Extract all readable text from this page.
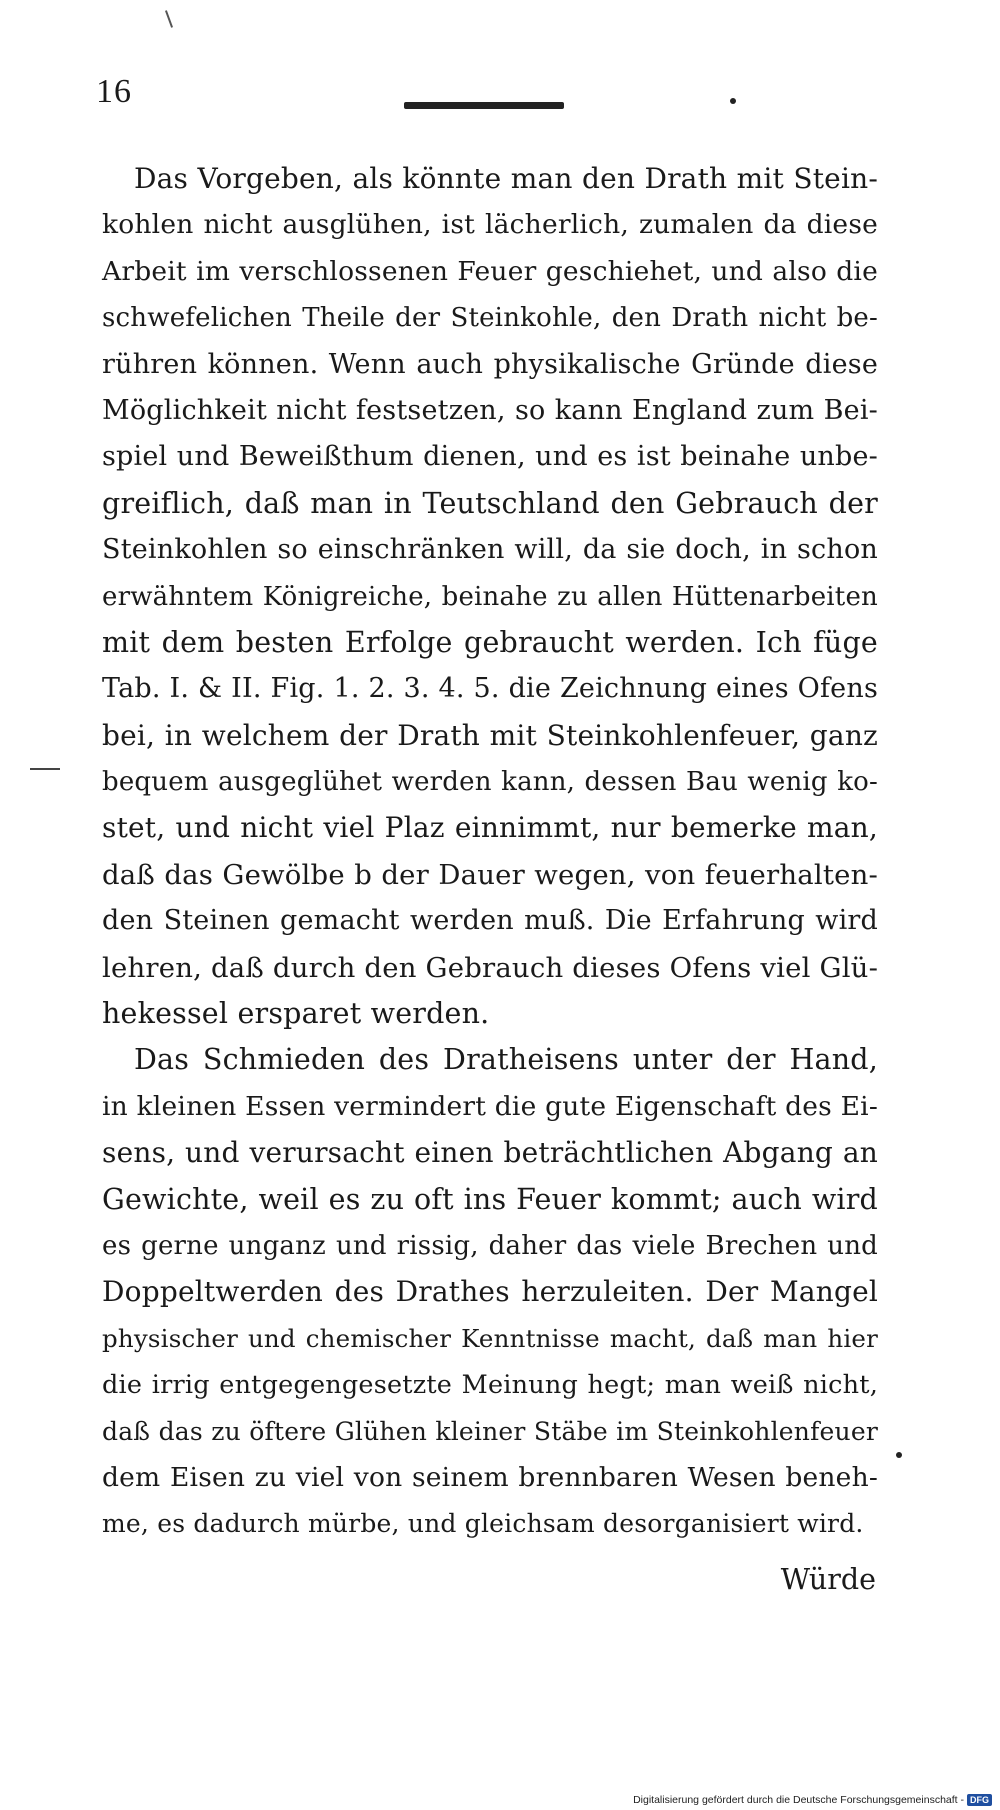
16

Das Vorgeben, als könnte man den Drath mit Stein-
kohlen nicht ausglühen, ist lächerlich, zumalen da diese
Arbeit im verschlossenen Feuer geschiehet, und also die
schwefelichen Theile der Steinkohle, den Drath nicht be-
rühren können. Wenn auch physikalische Gründe diese
Möglichkeit nicht festsetzen, so kann England zum Bei-
spiel und Beweißthum dienen, und es ist beinahe unbe-
greiflich, daß man in Teutschland den Gebrauch der
Steinkohlen so einschränken will, da sie doch, in schon
erwähntem Königreiche, beinahe zu allen Hüttenarbeiten
mit dem besten Erfolge gebraucht werden. Ich füge
Tab. I. & II. Fig. 1. 2. 3. 4. 5. die Zeichnung eines Ofens
bei, in welchem der Drath mit Steinkohlenfeuer, ganz
bequem ausgeglühet werden kann, dessen Bau wenig ko-
stet, und nicht viel Plaz einnimmt, nur bemerke man,
daß das Gewölbe b der Dauer wegen, von feuerhalten-
den Steinen gemacht werden muß. Die Erfahrung wird
lehren, daß durch den Gebrauch dieses Ofens viel Glü-
hekessel ersparet werden.

Das Schmieden des Dratheisens unter der Hand,
in kleinen Essen vermindert die gute Eigenschaft des Ei-
sens, und verursacht einen beträchtlichen Abgang an
Gewichte, weil es zu oft ins Feuer kommt; auch wird
es gerne unganz und rissig, daher das viele Brechen und
Doppeltwerden des Drathes herzuleiten. Der Mangel
physischer und chemischer Kenntnisse macht, daß man hier
die irrig entgegengesetzte Meinung hegt; man weiß nicht,
daß das zu öftere Glühen kleiner Stäbe im Steinkohlenfeuer
dem Eisen zu viel von seinem brennbaren Wesen beneh-
me, es dadurch mürbe, und gleichsam desorganisiert wird.

Würde
Digitalisierung gefördert durch die Deutsche Forschungsgemeinschaft - DFG
